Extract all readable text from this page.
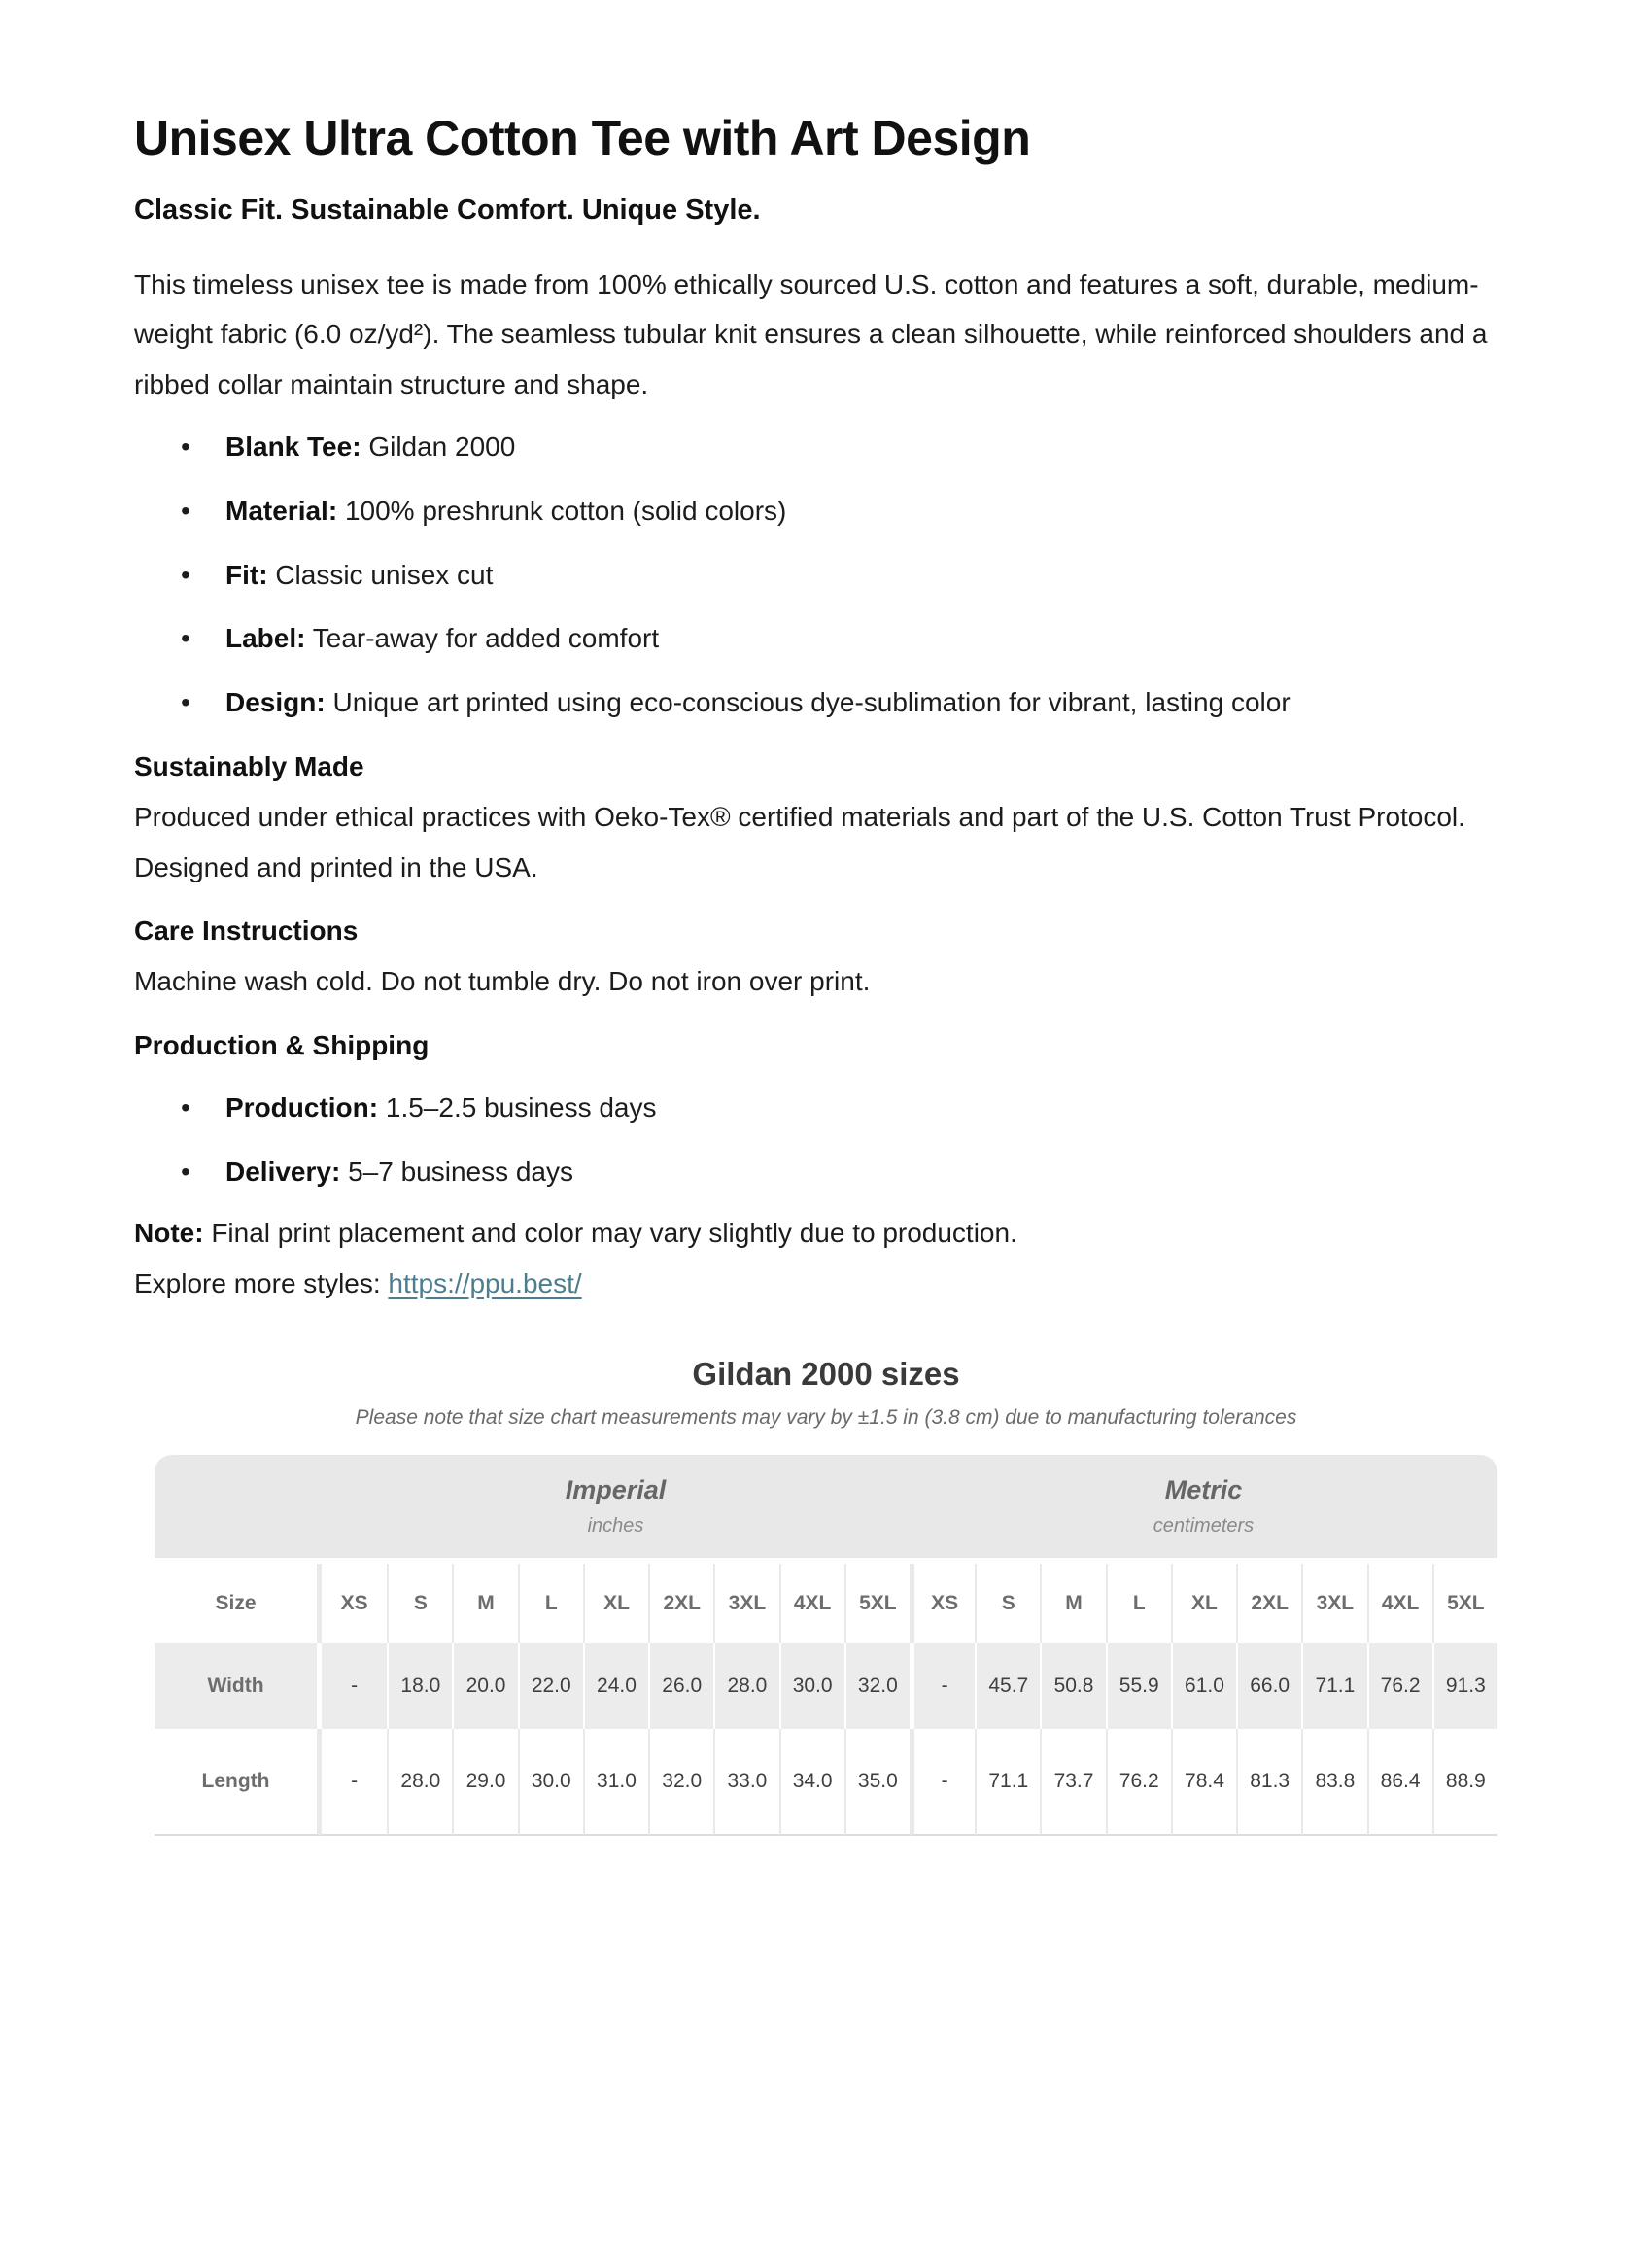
Unisex Ultra Cotton Tee with Art Design

Classic Fit. Sustainable Comfort. Unique Style.

This timeless unisex tee is made from 100% ethically sourced U.S. cotton and features a soft, durable, medium-weight fabric (6.0 oz/yd²). The seamless tubular knit ensures a clean silhouette, while reinforced shoulders and a ribbed collar maintain structure and shape.

• Blank Tee: Gildan 2000
• Material: 100% preshrunk cotton (solid colors)
• Fit: Classic unisex cut
• Label: Tear-away for added comfort
• Design: Unique art printed using eco-conscious dye-sublimation for vibrant, lasting color
Sustainably Made

Produced under ethical practices with Oeko-Tex® certified materials and part of the U.S. Cotton Trust Protocol. Designed and printed in the USA.

Care Instructions

Machine wash cold. Do not tumble dry. Do not iron over print.

Production & Shipping
• Production: 1.5–2.5 business days
• Delivery: 5–7 business days

Note: Final print placement and color may vary slightly due to production.

Explore more styles: https://ppu.best/

Gildan 2000 sizes

Please note that size chart measurements may vary by ±1.5 in (3.8 cm) due to manufacturing tolerances

Imperial
inches

Metric
centimeters

Size	XS	S	M	L	XL	2XL	3XL	4XL	5XL	XS	S	M	L	XL	2XL	3XL	4XL	5XL
Width	-	18.0	20.0	22.0	24.0	26.0	28.0	30.0	32.0	-	45.7	50.8	55.9	61.0	66.0	71.1	76.2	91.3
Length	-	28.0	29.0	30.0	31.0	32.0	33.0	34.0	35.0	-	71.1	73.7	76.2	78.4	81.3	83.8	86.4	88.9
